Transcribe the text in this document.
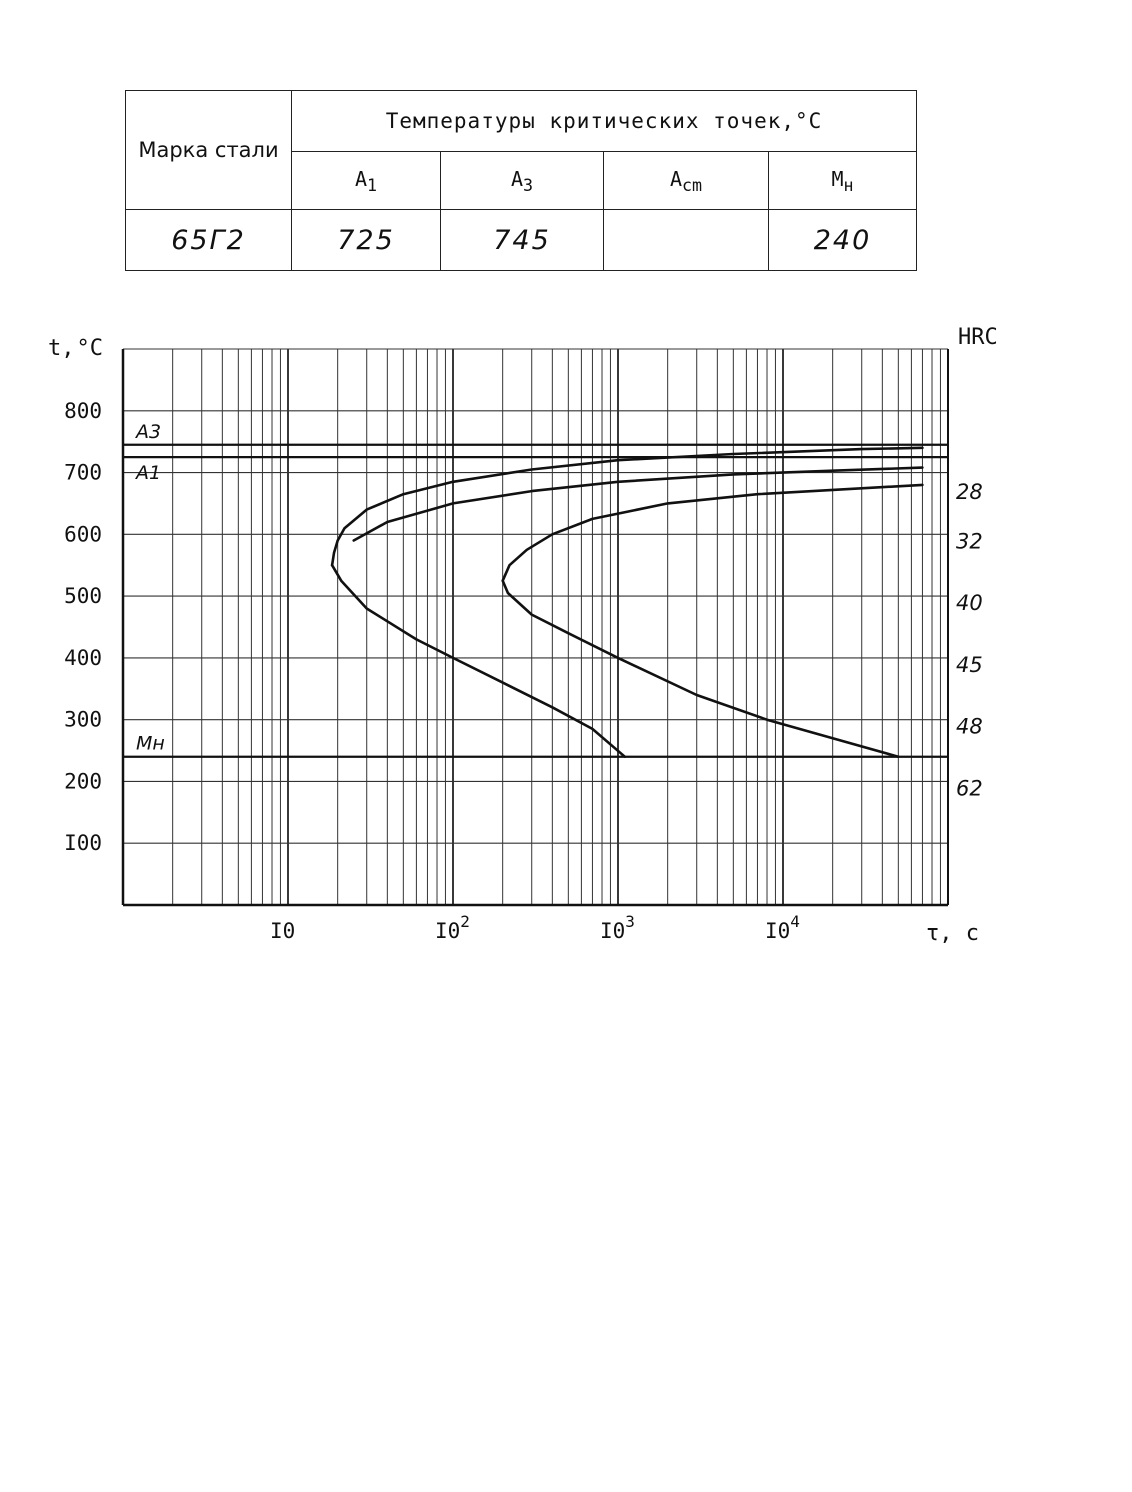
Марка стали	Температуры критических точек,°C			
	$A_1$	$A_3$	$A_{cm}$	$M_н$
65Г2	725	745		240
I00
200
300
400
500
600
700
800
I0	$I0^2$	$I0^3$	$I0^4$
28
32
40
45
48
62
A3
A1
Mн
t,°C	HRC
τ, с
